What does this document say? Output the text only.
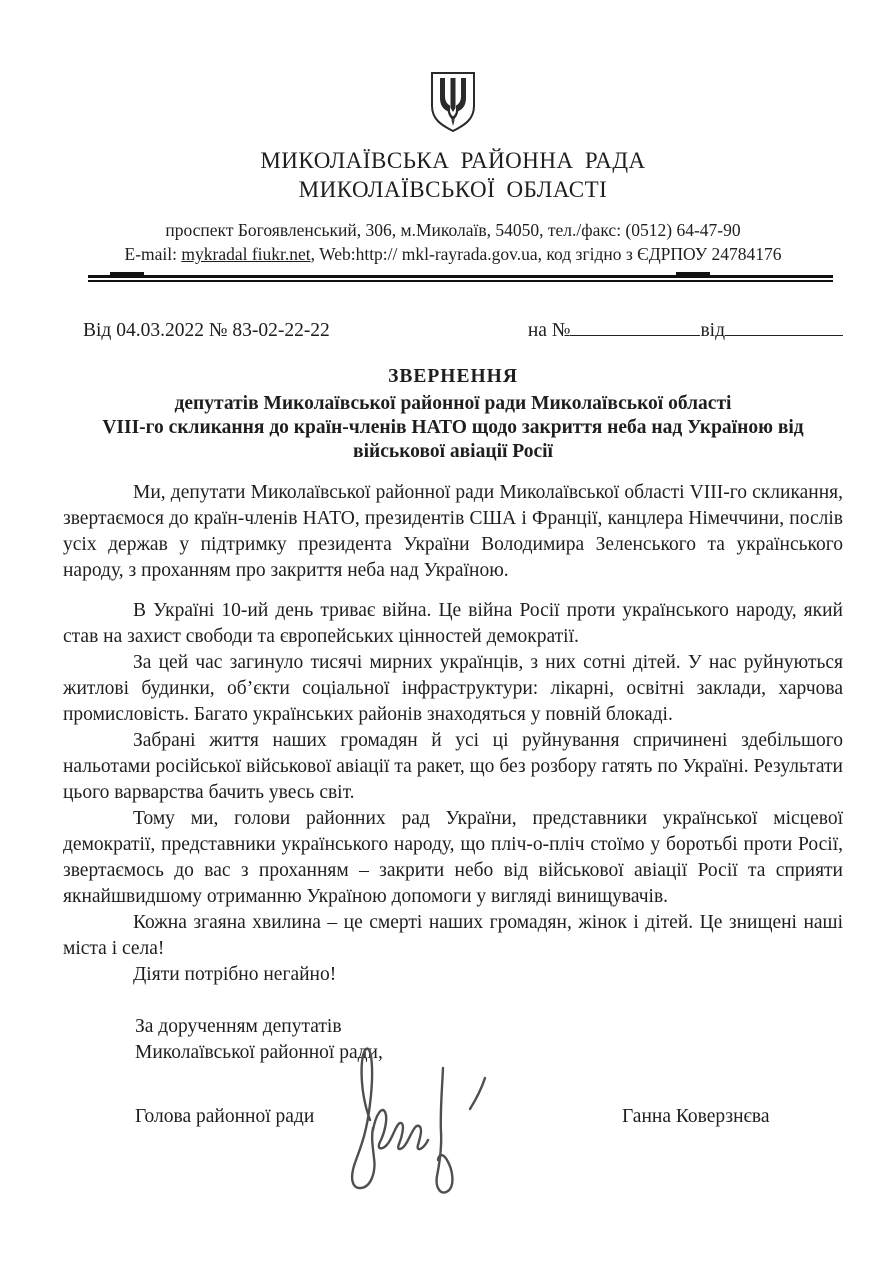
МИКОЛАЇВСЬКА РАЙОННА РАДА
МИКОЛАЇВСЬКОЇ ОБЛАСТІ
проспект Богоявленський, 306, м.Миколаїв, 54050, тел./факс: (0512) 64-47-90
E-mail: mykradal fiukr.net, Web:http:// mkl-rayrada.gov.ua, код згідно з ЄДРПОУ 24784176
Від 04.03.2022 № 83-02-22-22	на №	від
ЗВЕРНЕННЯ
депутатів Миколаївської районної ради Миколаївської області
VIII-го скликання до країн-членів НАТО щодо закриття неба над Україною від військової авіації Росії

Ми, депутати Миколаївської районної ради Миколаївської області VIII-го скликання, звертаємося до країн-членів НАТО, президентів США і Франції, канцлера Німеччини, послів усіх держав у підтримку президента України Володимира Зеленського та українського народу, з проханням про закриття неба над Україною.

В Україні 10-ий день триває війна. Це війна Росії проти українського народу, який став на захист свободи та європейських цінностей демократії.

За цей час загинуло тисячі мирних українців, з них сотні дітей. У нас руйнуються житлові будинки, об’єкти соціальної інфраструктури: лікарні, освітні заклади, харчова промисловість. Багато українських районів знаходяться у повній блокаді.

Забрані життя наших громадян й усі ці руйнування спричинені здебільшого нальотами російської військової авіації та ракет, що без розбору гатять по Україні. Результати цього варварства бачить увесь світ.

Тому ми, голови районних рад України, представники української місцевої демократії, представники українського народу, що пліч-о-пліч стоїмо у боротьбі проти Росії, звертаємось до вас з проханням – закрити небо від військової авіації Росії та сприяти якнайшвидшому отриманню Україною допомоги у вигляді винищувачів.

Кожна згаяна хвилина – це смерті наших громадян, жінок і дітей. Це знищені наші міста і села!

Діяти потрібно негайно!

За дорученням депутатів
Миколаївської районної ради,
Голова районної ради	Ганна Коверзнєва
